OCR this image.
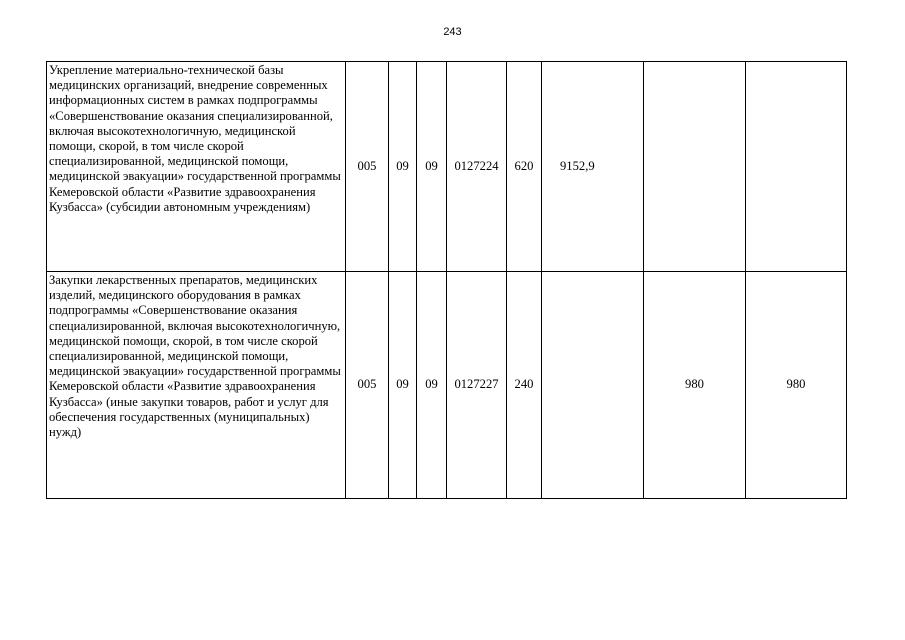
243
Укрепление материально-технической базы медицинских организаций, внедрение современных информационных систем в рамках подпрограммы «Совершенствование оказания специализированной, включая высокотехнологичную, медицинской помощи, скорой, в том числе скорой специализированной, медицинской помощи, медицинской эвакуации» государственной программы Кемеровской области «Развитие здравоохранения Кузбасса» (субсидии автономным учреждениям)	005	09	09	0127224	620	9152,9		
Закупки лекарственных препаратов, медицинских изделий, медицинского оборудования в рамках подпрограммы «Совершенствование оказания специализированной, включая высокотехнологичную, медицинской помощи, скорой, в том числе скорой специализированной, медицинской помощи, медицинской эвакуации» государственной программы Кемеровской области «Развитие здравоохранения Кузбасса» (иные закупки товаров, работ и услуг для обеспечения государственных (муниципальных) нужд)	005	09	09	0127227	240		980	980
